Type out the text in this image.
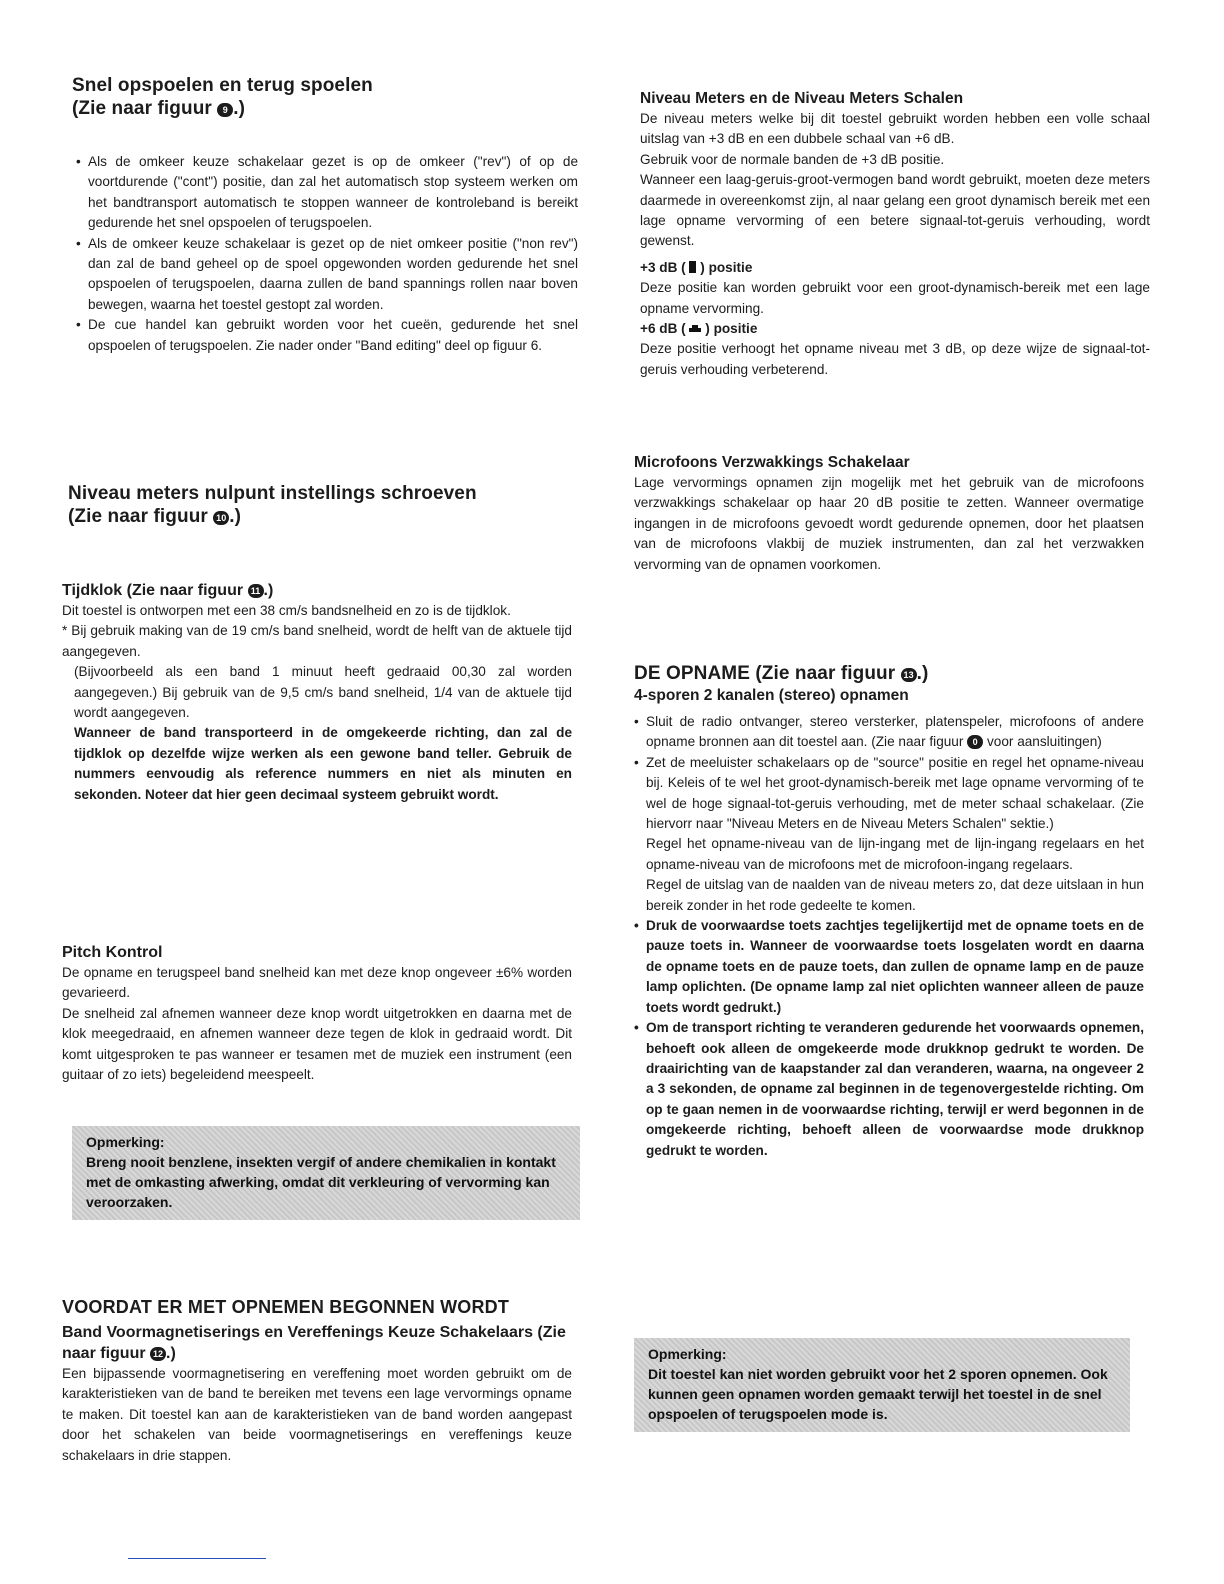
Snel opspoelen en terug spoelen
(Zie naar figuur 9 .)
• Als de omkeer keuze schakelaar gezet is op de omkeer ("rev") of op de voortdurende ("cont") positie, dan zal het automatisch stop systeem werken om het bandtransport automatisch te stoppen wanneer de kontroleband is bereikt gedurende het snel opspoelen of terugspoelen.
• Als de omkeer keuze schakelaar is gezet op de niet omkeer positie ("non rev") dan zal de band geheel op de spoel opgewonden worden gedurende het snel opspoelen of terugspoelen, daarna zullen de band spannings rollen naar boven bewegen, waarna het toestel gestopt zal worden.
• De cue handel kan gebruikt worden voor het cueën, gedurende het snel opspoelen of terugspoelen. Zie nader onder "Band editing" deel op figuur 6.
Niveau meters nulpunt instellings schroeven
(Zie naar figuur 10 .)
Tijdklok (Zie naar figuur 11 .)
Dit toestel is ontworpen met een 38 cm/s bandsnelheid en zo is de tijdklok.
* Bij gebruik making van de 19 cm/s band snelheid, wordt de helft van de aktuele tijd aangegeven.
(Bijvoorbeeld als een band 1 minuut heeft gedraaid 00,30 zal worden aangegeven.) Bij gebruik van de 9,5 cm/s band snelheid, 1/4 van de aktuele tijd wordt aangegeven.
Wanneer de band transporteerd in de omgekeerde richting, dan zal de tijdklok op dezelfde wijze werken als een gewone band teller. Gebruik de nummers eenvoudig als reference nummers en niet als minuten en sekonden. Noteer dat hier geen decimaal systeem gebruikt wordt.
Pitch Kontrol
De opname en terugspeel band snelheid kan met deze knop ongeveer ±6% worden gevarieerd.
De snelheid zal afnemen wanneer deze knop wordt uitgetrokken en daarna met de klok meegedraaid, en afnemen wanneer deze tegen de klok in gedraaid wordt. Dit komt uitgesproken te pas wanneer er tesamen met de muziek een instrument (een guitaar of zo iets) begeleidend meespeelt.
Opmerking:
Breng nooit benzlene, insekten vergif of andere chemikalien in kontakt met de omkasting afwerking, omdat dit verkleuring of vervorming kan veroorzaken.
VOORDAT ER MET OPNEMEN BEGONNEN WORDT
Band Voormagnetiserings en Vereffenings Keuze Schakelaars (Zie naar figuur 12 .)
Een bijpassende voormagnetisering en vereffening moet worden gebruikt om de karakteristieken van de band te bereiken met tevens een lage vervormings opname te maken. Dit toestel kan aan de karakteristieken van de band worden aangepast door het schakelen van beide voormagnetiserings en vereffenings keuze schakelaars in drie stappen.
Niveau Meters en de Niveau Meters Schalen
De niveau meters welke bij dit toestel gebruikt worden hebben een volle schaal uitslag van +3 dB en een dubbele schaal van +6 dB.
Gebruik voor de normale banden de +3 dB positie.
Wanneer een laag-geruis-groot-vermogen band wordt gebruikt, moeten deze meters daarmede in overeenkomst zijn, al naar gelang een groot dynamisch bereik met een lage opname vervorming of een betere signaal-tot-geruis verhouding, wordt gewenst.
+3 dB ( ) positie
Deze positie kan worden gebruikt voor een groot-dynamisch-bereik met een lage opname vervorming.
+6 dB ( ) positie
Deze positie verhoogt het opname niveau met 3 dB, op deze wijze de signaal-tot-geruis verhouding verbeterend.
Microfoons Verzwakkings Schakelaar
Lage vervormings opnamen zijn mogelijk met het gebruik van de microfoons verzwakkings schakelaar op haar 20 dB positie te zetten. Wanneer overmatige ingangen in de microfoons gevoedt wordt gedurende opnemen, door het plaatsen van de microfoons vlakbij de muziek instrumenten, dan zal het verzwakken vervorming van de opnamen voorkomen.
DE OPNAME (Zie naar figuur 13 .)
4-sporen 2 kanalen (stereo) opnamen
• Sluit de radio ontvanger, stereo versterker, platenspeler, microfoons of andere opname bronnen aan dit toestel aan. (Zie naar figuur 0 voor aansluitingen)
• Zet de meeluister schakelaars op de "source" positie en regel het opname-niveau bij. Keleis of te wel het groot-dynamisch-bereik met lage opname vervorming of te wel de hoge signaal-tot-geruis verhouding, met de meter schaal schakelaar. (Zie hiervorr naar "Niveau Meters en de Niveau Meters Schalen" sektie.)
Regel het opname-niveau van de lijn-ingang met de lijn-ingang regelaars en het opname-niveau van de microfoons met de microfoon-ingang regelaars.
Regel de uitslag van de naalden van de niveau meters zo, dat deze uitslaan in hun bereik zonder in het rode gedeelte te komen.
• Druk de voorwaardse toets zachtjes tegelijkertijd met de opname toets en de pauze toets in. Wanneer de voorwaardse toets losgelaten wordt en daarna de opname toets en de pauze toets, dan zullen de opname lamp en de pauze lamp oplichten. (De opname lamp zal niet oplichten wanneer alleen de pauze toets wordt gedrukt.)
• Om de transport richting te veranderen gedurende het voorwaards opnemen, behoeft ook alleen de omgekeerde mode drukknop gedrukt te worden. De draairichting van de kaapstander zal dan veranderen, waarna, na ongeveer 2 a 3 sekonden, de opname zal beginnen in de tegenovergestelde richting. Om op te gaan nemen in de voorwaardse richting, terwijl er werd begonnen in de omgekeerde richting, behoeft alleen de voorwaardse mode drukknop gedrukt te worden.
Opmerking:
Dit toestel kan niet worden gebruikt voor het 2 sporen opnemen. Ook kunnen geen opnamen worden gemaakt terwijl het toestel in de snel opspoelen of terugspoelen mode is.
